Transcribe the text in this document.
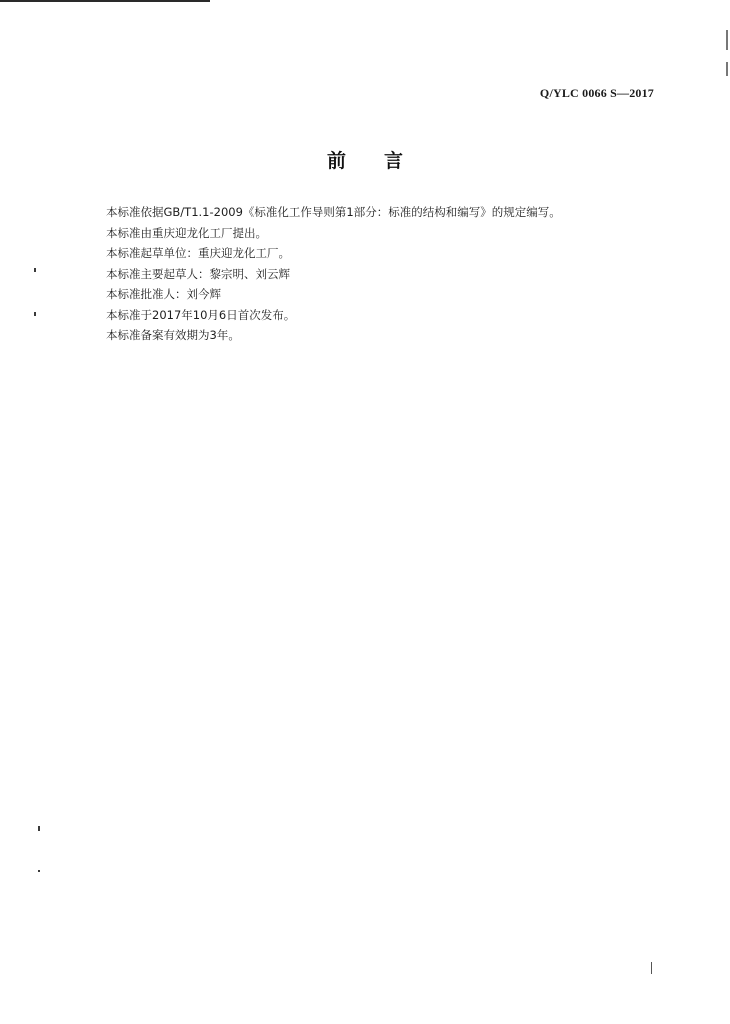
Q/YLC 0066 S—2017
前言

本标准依据GB/T1.1-2009《标准化工作导则第1部分：标准的结构和编写》的规定编写。

本标准由重庆迎龙化工厂提出。

本标准起草单位：重庆迎龙化工厂。

本标准主要起草人：黎宗明、刘云辉

本标准批准人：刘今辉

本标准于2017年10月6日首次发布。

本标准备案有效期为3年。
